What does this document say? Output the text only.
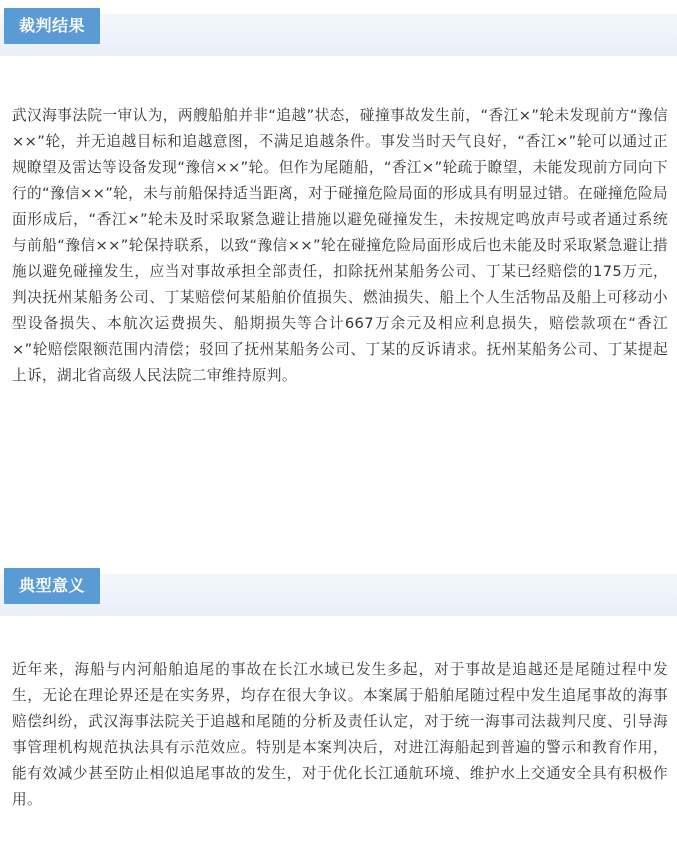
裁判结果

武汉海事法院一审认为，两艘船舶并非“追越”状态，碰撞事故发生前，“香江×”轮未发现前方“豫信××”轮，并无追越目标和追越意图，不满足追越条件。事发当时天气良好，“香江×”轮可以通过正规瞭望及雷达等设备发现“豫信××”轮。但作为尾随船，“香江×”轮疏于瞭望，未能发现前方同向下行的“豫信××”轮，未与前船保持适当距离，对于碰撞危险局面的形成具有明显过错。在碰撞危险局面形成后，“香江×”轮未及时采取紧急避让措施以避免碰撞发生，未按规定鸣放声号或者通过系统与前船“豫信××”轮保持联系，以致“豫信××”轮在碰撞危险局面形成后也未能及时采取紧急避让措施以避免碰撞发生，应当对事故承担全部责任，扣除抚州某船务公司、丁某已经赔偿的175万元，判决抚州某船务公司、丁某赔偿何某船舶价值损失、燃油损失、船上个人生活物品及船上可移动小型设备损失、本航次运费损失、船期损失等合计667万余元及相应利息损失，赔偿款项在“香江×”轮赔偿限额范围内清偿；驳回了抚州某船务公司、丁某的反诉请求。抚州某船务公司、丁某提起上诉，湖北省高级人民法院二审维持原判。

典型意义

近年来，海船与内河船舶追尾的事故在长江水域已发生多起，对于事故是追越还是尾随过程中发生，无论在理论界还是在实务界，均存在很大争议。本案属于船舶尾随过程中发生追尾事故的海事赔偿纠纷，武汉海事法院关于追越和尾随的分析及责任认定，对于统一海事司法裁判尺度、引导海事管理机构规范执法具有示范效应。特别是本案判决后，对进江海船起到普遍的警示和教育作用，能有效减少甚至防止相似追尾事故的发生，对于优化长江通航环境、维护水上交通安全具有积极作用。
